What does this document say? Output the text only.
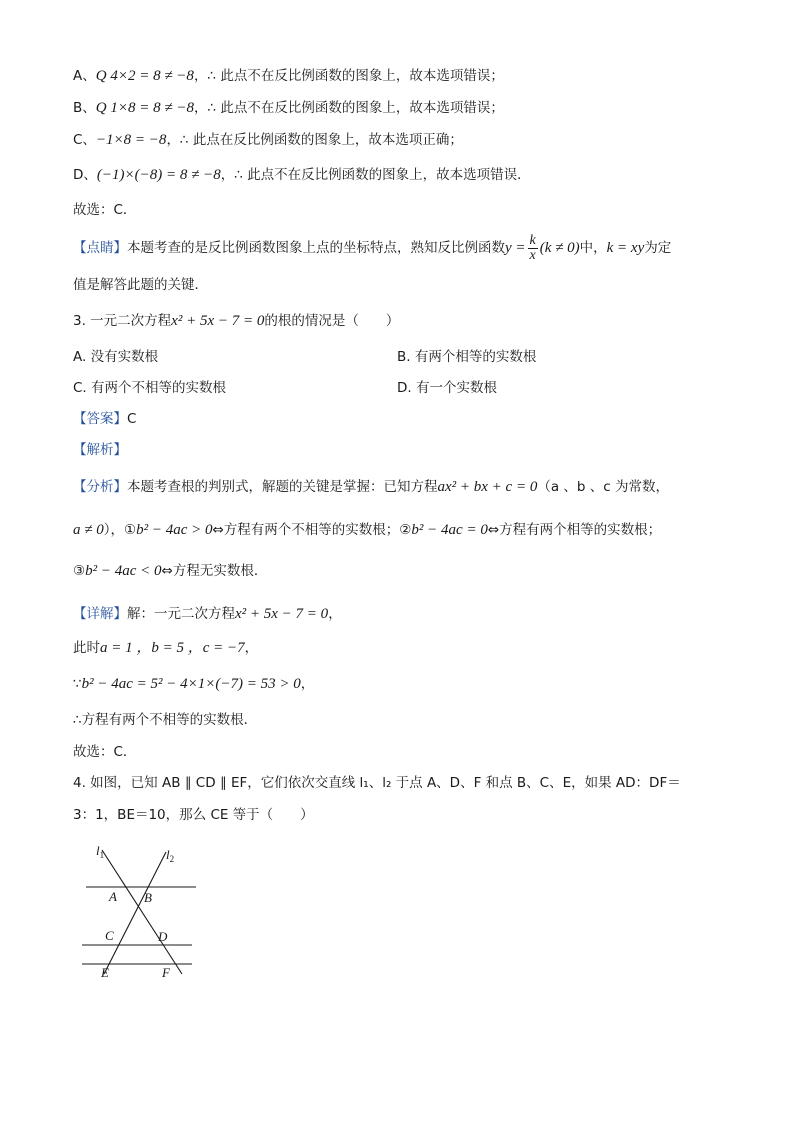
A、Q 4×2 = 8 ≠ −8，∴ 此点不在反比例函数的图象上，故本选项错误；
B、Q 1×8 = 8 ≠ −8，∴ 此点不在反比例函数的图象上，故本选项错误；
C、−1×8 = −8，∴ 此点在反比例函数的图象上，故本选项正确；
D、(−1)×(−8) = 8 ≠ −8，∴ 此点不在反比例函数的图象上，故本选项错误．
故选：C．
【点睛】本题考查的是反比例函数图象上点的坐标特点，熟知反比例函数$y = \frac{k}{x} (k \ne 0)$中，k = xy为定
值是解答此题的关键．
3. 一元二次方程x² + 5x − 7 = 0的根的情况是（　　）
A. 没有实数根	B. 有两个相等的实数根
C. 有两个不相等的实数根	D. 有一个实数根
【答案】C
【解析】
【分析】本题考查根的判别式，解题的关键是掌握：已知方程ax² + bx + c = 0（a 、b 、c 为常数，
a ≠ 0），①b² − 4ac > 0⇔方程有两个不相等的实数根；②b² − 4ac = 0⇔方程有两个相等的实数根；
③b² − 4ac < 0⇔方程无实数根．
【详解】解：一元二次方程x² + 5x − 7 = 0，
此时a = 1 ，b = 5 ，c = −7，
∵b² − 4ac = 5² − 4×1×(−7) = 53 > 0，
∴方程有两个不相等的实数根．
故选：C．
4. 如图，已知 AB ∥ CD ∥ EF，它们依次交直线 l₁、l₂ 于点 A、D、F 和点 B、C、E，如果 AD：DF＝
3：1，BE＝10，那么 CE 等于（　　）
$l_1$	$l_2$
A B
C	D
E	F
